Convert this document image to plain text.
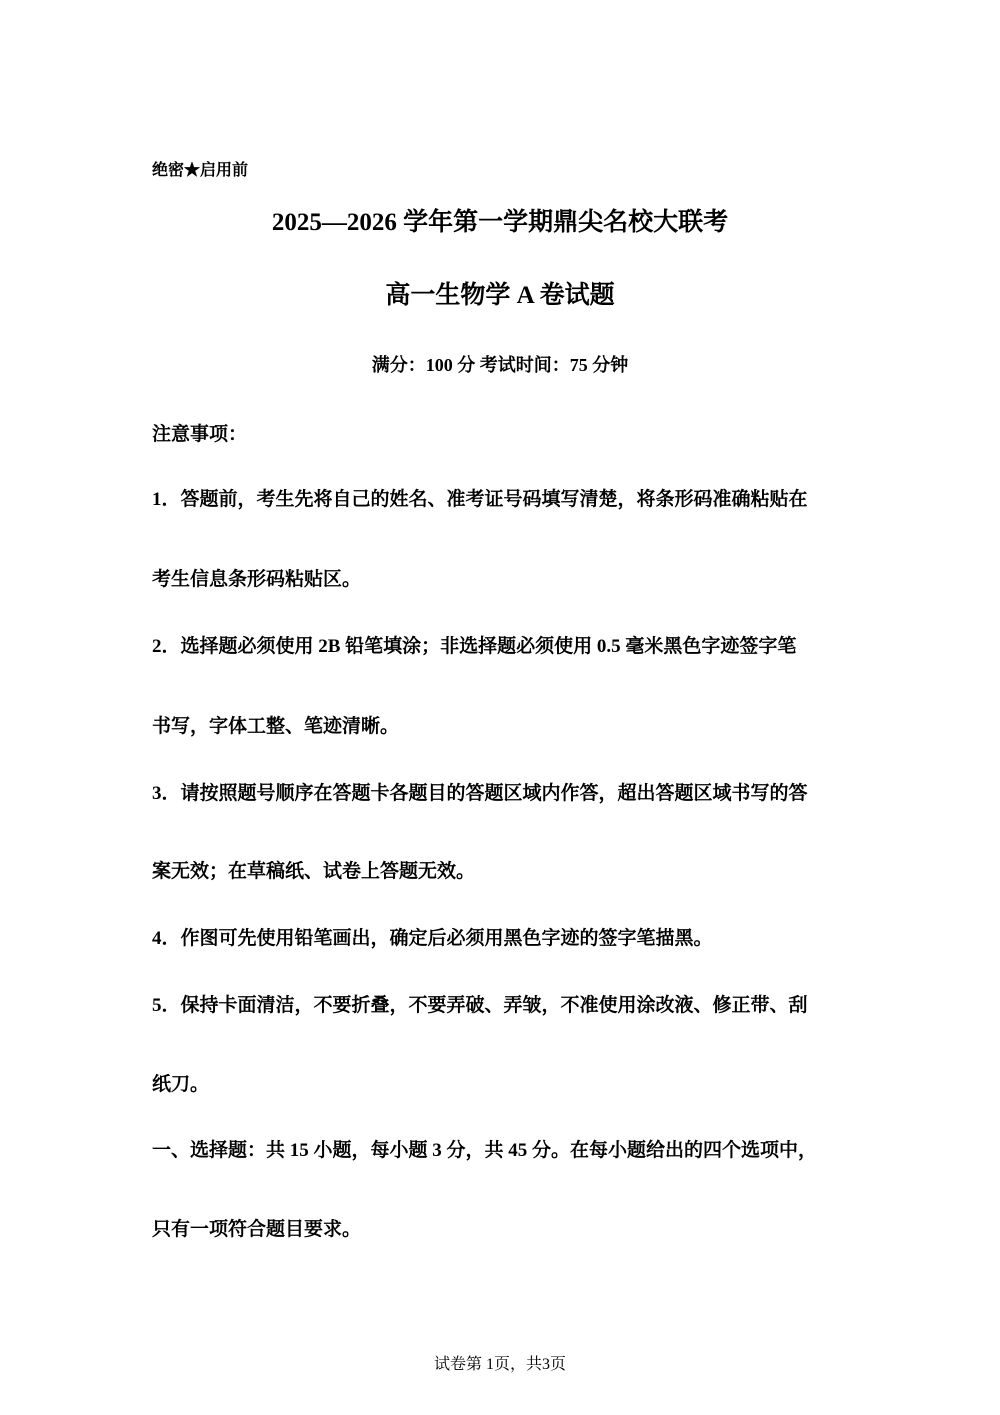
绝密★启用前
2025—2026 学年第一学期鼎尖名校大联考
高一生物学 A 卷试题
满分：100 分 考试时间：75 分钟
注意事项：
1．答题前，考生先将自己的姓名、准考证号码填写清楚，将条形码准确粘贴在
考生信息条形码粘贴区。
2．选择题必须使用 2B 铅笔填涂；非选择题必须使用 0.5 毫米黑色字迹签字笔
书写，字体工整、笔迹清晰。
3．请按照题号顺序在答题卡各题目的答题区域内作答，超出答题区域书写的答
案无效；在草稿纸、试卷上答题无效。
4．作图可先使用铅笔画出，确定后必须用黑色字迹的签字笔描黑。
5．保持卡面清洁，不要折叠，不要弄破、弄皱，不准使用涂改液、修正带、刮
纸刀。
一、选择题：共 15 小题，每小题 3 分，共 45 分。在每小题给出的四个选项中，
只有一项符合题目要求。
试卷第 1页，共3页
